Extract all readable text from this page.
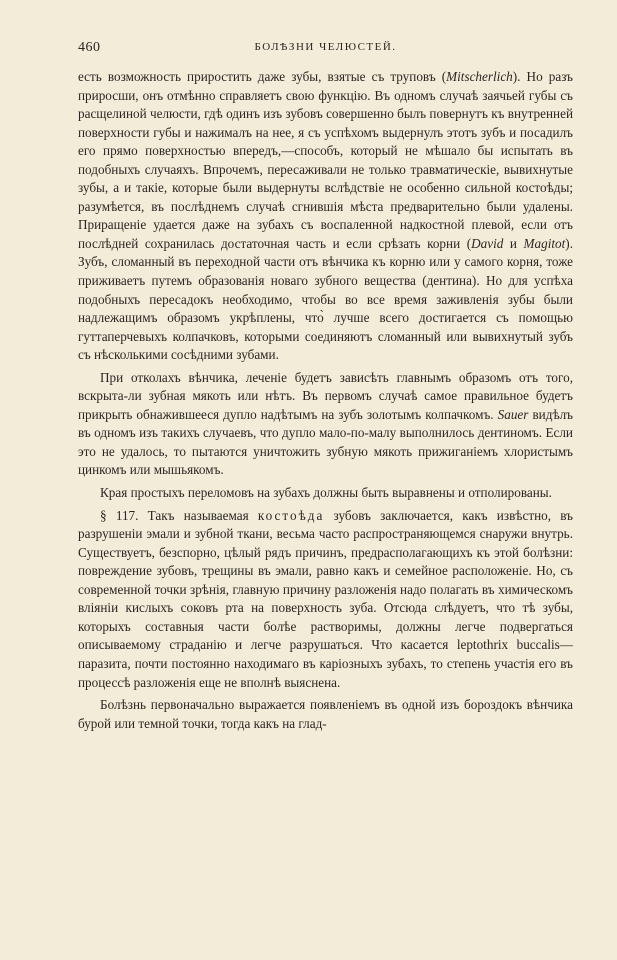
460	БОЛѢЗНИ ЧЕЛЮСТЕЙ.

есть возможность приростить даже зубы, взятые съ труповъ (Mitscherlich). Но разъ приросши, онъ отмѣнно справляетъ свою функцію. Въ одномъ случаѣ заячьей губы съ расщелиной челюсти, гдѣ одинъ изъ зубовъ совершенно былъ повернутъ къ внутренней поверхности губы и нажималъ на нее, я съ успѣхомъ выдернулъ этотъ зубъ и посадилъ его прямо поверхностью впередъ,—способъ, который не мѣшало бы испытать въ подобныхъ случаяхъ. Впрочемъ, пересаживали не только травматическіе, вывихнутые зубы, а и такіе, которые были выдернуты вслѣдствіе не особенно сильной костоѣды; разумѣется, въ послѣднемъ случаѣ сгнившія мѣста предварительно были удалены. Приращеніе удается даже на зубахъ съ воспаленной надкостной плевой, если отъ послѣдней сохранилась достаточная часть и если срѣзать корни (David и Magitot). Зубъ, сломанный въ переходной части отъ вѣнчика къ корню или у самого корня, тоже приживаетъ путемъ образованія новаго зубного вещества (дентина). Но для успѣха подобныхъ пересадокъ необходимо, чтобы во все время заживленія зубы были надлежащимъ образомъ укрѣплены, что̀ лучше всего достигается съ помощью гуттаперчевыхъ колпачковъ, которыми соединяютъ сломанный или вывихнутый зубъ съ нѣсколькими сосѣдними зубами.

При отколахъ вѣнчика, леченіе будетъ зависѣть главнымъ образомъ отъ того, вскрыта-ли зубная мякоть или нѣтъ. Въ первомъ случаѣ самое правильное будетъ прикрыть обнажившееся дупло надѣтымъ на зубъ золотымъ колпачкомъ. Sauer видѣлъ въ одномъ изъ такихъ случаевъ, что дупло мало-по-малу выполнилось дентиномъ. Если это не удалось, то пытаются уничтожить зубную мякоть прижиганіемъ хлористымъ цинкомъ или мышьякомъ.

Края простыхъ переломовъ на зубахъ должны быть выравнены и отполированы.

§ 117. Такъ называемая костоѣда зубовъ заключается, какъ извѣстно, въ разрушеніи эмали и зубной ткани, весьма часто распространяющемся снаружи внутрь. Существуетъ, безспорно, цѣлый рядъ причинъ, предрасполагающихъ къ этой болѣзни: повреждение зубовъ, трещины въ эмали, равно какъ и семейное расположеніе. Но, съ современной точки зрѣнія, главную причину разложенія надо полагать въ химическомъ вліяніи кислыхъ соковъ рта на поверхность зуба. Отсюда слѣдуетъ, что тѣ зубы, которыхъ составныя части болѣе растворимы, должны легче подвергаться описываемому страданію и легче разрушаться. Что касается leptothrix buccalis—паразита, почти постоянно находимаго въ каріозныхъ зубахъ, то степень участія его въ процессѣ разложенія еще не вполнѣ выяснена.

Болѣзнь первоначально выражается появленіемъ въ одной изъ бороздокъ вѣнчика бурой или темной точки, тогда какъ на глад-
